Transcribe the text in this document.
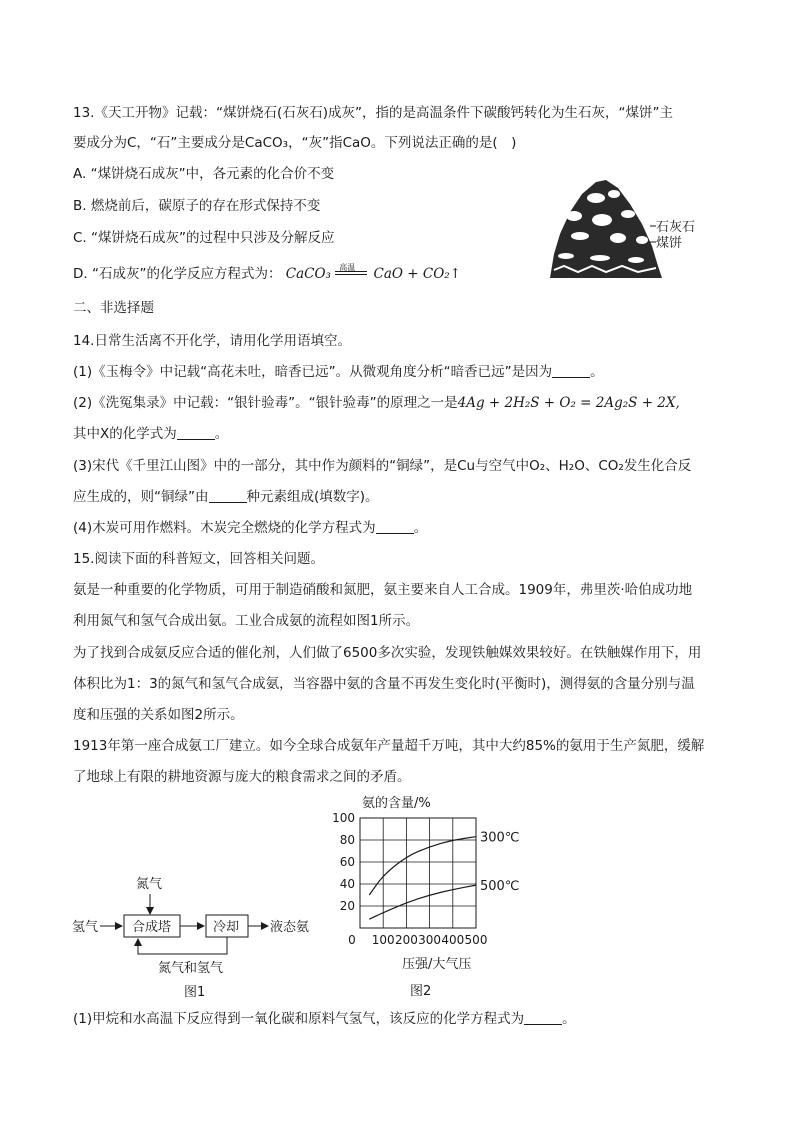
13.《天工开物》记载：“煤饼烧石(石灰石)成灰”，指的是高温条件下碳酸钙转化为生石灰，“煤饼”主
要成分为C，“石”主要成分是CaCO₃，“灰”指CaO。下列说法正确的是(　)
A. “煤饼烧石成灰”中，各元素的化合价不变
B. 燃烧前后，碳原子的存在形式保持不变
C. “煤饼烧石成灰”的过程中只涉及分解反应
D. “石成灰”的化学反应方程式为： CaCO₃ 高温 CaO + CO₂↑
石灰石
煤饼
二、非选择题
14.日常生活离不开化学，请用化学用语填空。
(1)《玉梅令》中记载“高花未吐，暗香已远”。从微观角度分析“暗香已远”是因为	。
(2)《洗冤集录》中记载：“银针验毒”。“银针验毒”的原理之一是4Ag + 2H₂S + O₂ = 2Ag₂S + 2X,
其中X的化学式为	。
(3)宋代《千里江山图》中的一部分，其中作为颜料的“铜绿”，是Cu与空气中O₂、H₂O、CO₂发生化合反
应生成的，则“铜绿”由	种元素组成(填数字)。
(4)木炭可用作燃料。木炭完全燃烧的化学方程式为	。
15.阅读下面的科普短文，回答相关问题。
氨是一种重要的化学物质，可用于制造硝酸和氮肥，氨主要来自人工合成。1909年，弗里茨·哈伯成功地
利用氮气和氢气合成出氨。工业合成氨的流程如图1所示。
为了找到合成氨反应合适的催化剂，人们做了6500多次实验，发现铁触媒效果较好。在铁触媒作用下，用
体积比为1：3的氮气和氢气合成氨，当容器中氨的含量不再发生变化时(平衡时)，测得氨的含量分别与温
度和压强的关系如图2所示。
1913年第一座合成氨工厂建立。如今全球合成氨年产量超千万吨，其中大约85%的氨用于生产氮肥，缓解
了地球上有限的耕地资源与庞大的粮食需求之间的矛盾。
氮气
氢气	合成塔	冷却 液态氨
氮气和氢气
图1
氨的含量/%
20
40
60
80
100
0 100 200 300 400 500
300℃
500℃
压强/大气压
图2
(1)甲烷和水高温下反应得到一氧化碳和原料气氢气，该反应的化学方程式为	。
